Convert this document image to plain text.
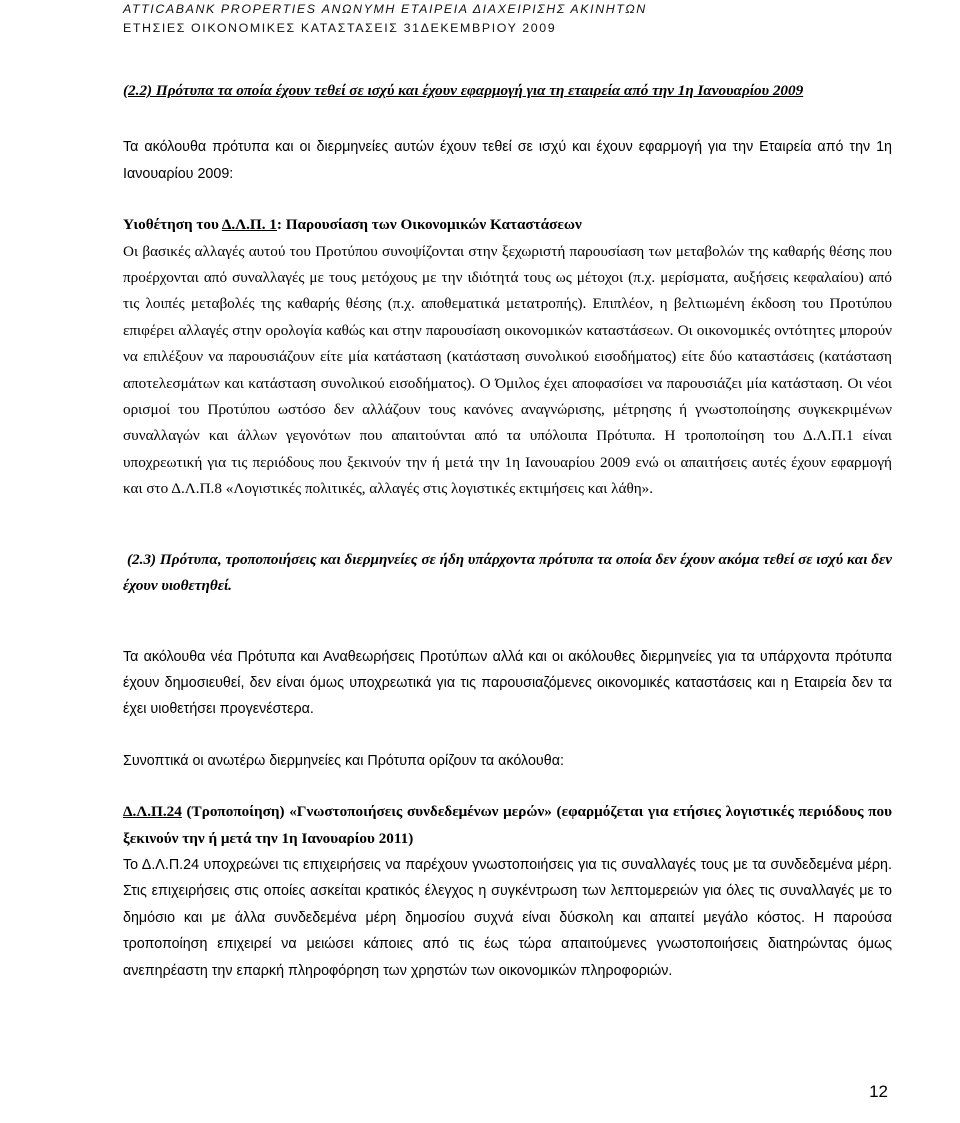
ATTICABANK PROPERTIES ΑΝΩΝΥΜΗ ΕΤΑΙΡΕΙΑ ΔΙΑΧΕΙΡΙΣΗΣ ΑΚΙΝΗΤΩΝ
ΕΤΗΣΙΕΣ ΟΙΚΟΝΟΜΙΚΕΣ ΚΑΤΑΣΤΑΣΕΙΣ 31ΔΕΚΕΜΒΡΙΟΥ 2009

(2.2) Πρότυπα τα οποία έχουν τεθεί σε ισχύ και έχουν εφαρμογή για τη εταιρεία από την 1η Ιανουαρίου 2009

Τα ακόλουθα πρότυπα και οι διερμηνείες αυτών έχουν τεθεί σε ισχύ και έχουν εφαρμογή για την Εταιρεία από την 1η Ιανουαρίου 2009:

Υιοθέτηση του Δ.Λ.Π. 1: Παρουσίαση των Οικονομικών Καταστάσεων

Οι βασικές αλλαγές αυτού του Προτύπου συνοψίζονται στην ξεχωριστή παρουσίαση των μεταβολών της καθαρής θέσης που προέρχονται από συναλλαγές με τους μετόχους με την ιδιότητά τους ως μέτοχοι (π.χ. μερίσματα, αυξήσεις κεφαλαίου) από τις λοιπές μεταβολές της καθαρής θέσης (π.χ. αποθεματικά μετατροπής). Επιπλέον, η βελτιωμένη έκδοση του Προτύπου επιφέρει αλλαγές στην ορολογία καθώς και στην παρουσίαση οικονομικών καταστάσεων. Οι οικονομικές οντότητες μπορούν να επιλέξουν να παρουσιάζουν είτε μία κατάσταση (κατάσταση συνολικού εισοδήματος) είτε δύο καταστάσεις (κατάσταση αποτελεσμάτων και κατάσταση συνολικού εισοδήματος). Ο Όμιλος έχει αποφασίσει να παρουσιάζει μία κατάσταση. Οι νέοι ορισμοί του Προτύπου ωστόσο δεν αλλάζουν τους κανόνες αναγνώρισης, μέτρησης ή γνωστοποίησης συγκεκριμένων συναλλαγών και άλλων γεγονότων που απαιτούνται από τα υπόλοιπα Πρότυπα. Η τροποποίηση του Δ.Λ.Π.1 είναι υποχρεωτική για τις περιόδους που ξεκινούν την ή μετά την 1η Ιανουαρίου 2009 ενώ οι απαιτήσεις αυτές έχουν εφαρμογή και στο Δ.Λ.Π.8 «Λογιστικές πολιτικές, αλλαγές στις λογιστικές εκτιμήσεις και λάθη».

(2.3) Πρότυπα, τροποποιήσεις και διερμηνείες σε ήδη υπάρχοντα πρότυπα τα οποία δεν έχουν ακόμα τεθεί σε ισχύ και δεν έχουν υιοθετηθεί.

Τα ακόλουθα νέα Πρότυπα και Αναθεωρήσεις Προτύπων αλλά και οι ακόλουθες διερμηνείες για τα υπάρχοντα πρότυπα έχουν δημοσιευθεί, δεν είναι όμως υποχρεωτικά για τις παρουσιαζόμενες οικονομικές καταστάσεις και η Εταιρεία δεν τα έχει υιοθετήσει προγενέστερα.

Συνοπτικά οι ανωτέρω διερμηνείες και Πρότυπα ορίζουν τα ακόλουθα:

Δ.Λ.Π.24 (Τροποποίηση) «Γνωστοποιήσεις συνδεδεμένων μερών» (εφαρμόζεται για ετήσιες λογιστικές περιόδους που ξεκινούν την ή μετά την 1η Ιανουαρίου 2011)

Το Δ.Λ.Π.24 υποχρεώνει τις επιχειρήσεις να παρέχουν γνωστοποιήσεις για τις συναλλαγές τους με τα συνδεδεμένα μέρη. Στις επιχειρήσεις στις οποίες ασκείται κρατικός έλεγχος η συγκέντρωση των λεπτομερειών για όλες τις συναλλαγές με το δημόσιο και με άλλα συνδεδεμένα μέρη δημοσίου συχνά είναι δύσκολη και απαιτεί μεγάλο κόστος. Η παρούσα τροποποίηση επιχειρεί να μειώσει κάποιες από τις έως τώρα απαιτούμενες γνωστοποιήσεις διατηρώντας όμως ανεπηρέαστη την επαρκή πληροφόρηση των χρηστών των οικονομικών πληροφοριών.

12
